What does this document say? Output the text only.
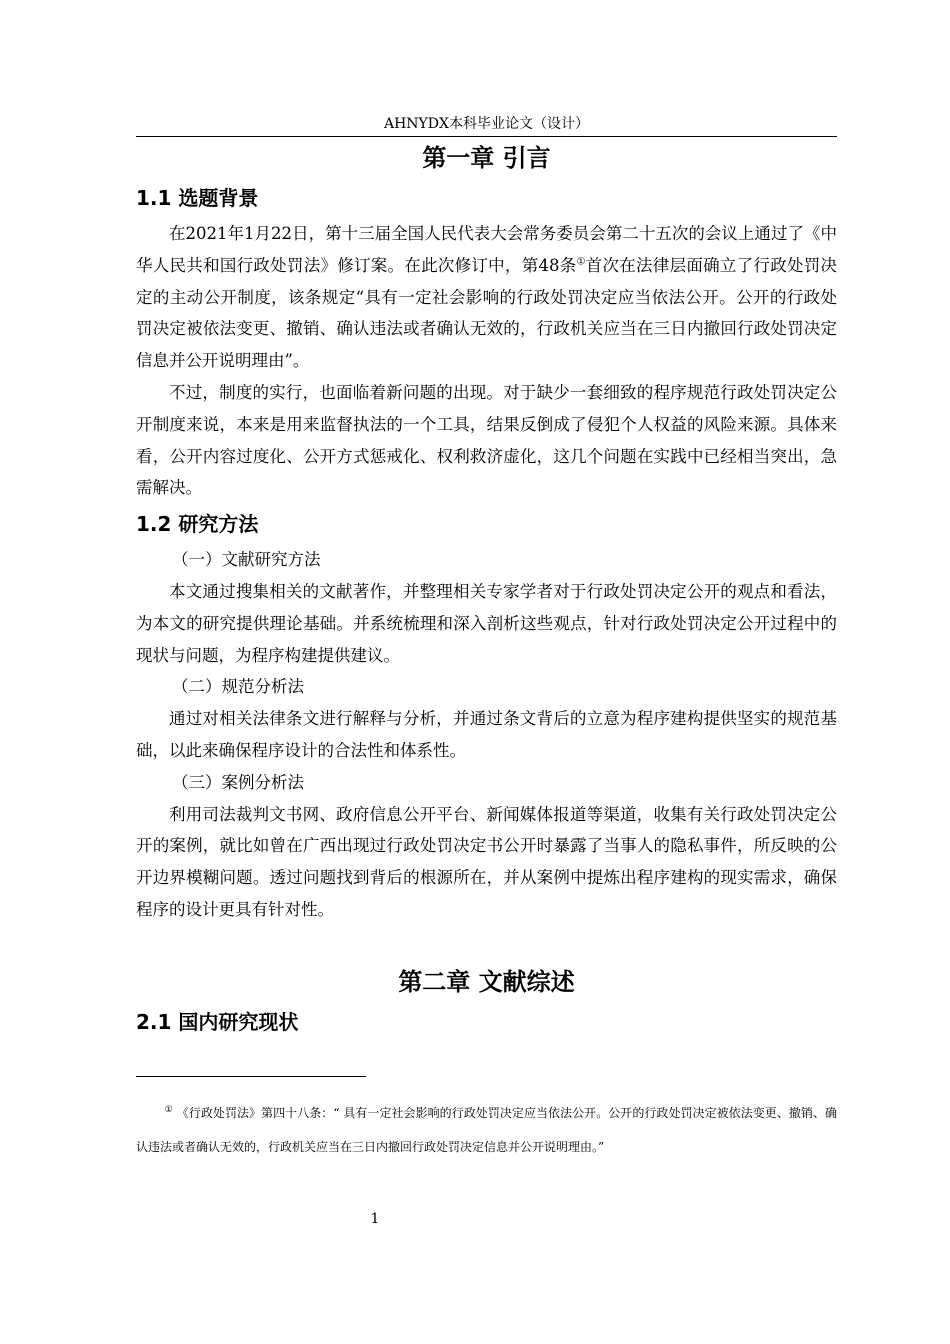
AHNYDX本科毕业论文（设计）
第一章 引言
1.1 选题背景

在2021年1月22日，第十三届全国人民代表大会常务委员会第二十五次的会议上通过了《中华人民共和国行政处罚法》修订案。在此次修订中，第48条①首次在法律层面确立了行政处罚决定的主动公开制度，该条规定“具有一定社会影响的行政处罚决定应当依法公开。公开的行政处罚决定被依法变更、撤销、确认违法或者确认无效的，行政机关应当在三日内撤回行政处罚决定信息并公开说明理由”。

不过，制度的实行，也面临着新问题的出现。对于缺少一套细致的程序规范行政处罚决定公开制度来说，本来是用来监督执法的一个工具，结果反倒成了侵犯个人权益的风险来源。具体来看，公开内容过度化、公开方式惩戒化、权利救济虚化，这几个问题在实践中已经相当突出，急需解决。

1.2 研究方法

（一）文献研究方法

本文通过搜集相关的文献著作，并整理相关专家学者对于行政处罚决定公开的观点和看法，为本文的研究提供理论基础。并系统梳理和深入剖析这些观点，针对行政处罚决定公开过程中的现状与问题，为程序构建提供建议。

（二）规范分析法

通过对相关法律条文进行解释与分析，并通过条文背后的立意为程序建构提供坚实的规范基础，以此来确保程序设计的合法性和体系性。

（三）案例分析法

利用司法裁判文书网、政府信息公开平台、新闻媒体报道等渠道，收集有关行政处罚决定公开的案例，就比如曾在广西出现过行政处罚决定书公开时暴露了当事人的隐私事件，所反映的公开边界模糊问题。透过问题找到背后的根源所在，并从案例中提炼出程序建构的现实需求，确保程序的设计更具有针对性。

第二章 文献综述
2.1 国内研究现状
① 《行政处罚法》第四十八条：“ 具有一定社会影响的行政处罚决定应当依法公开。公开的行政处罚决定被依法变更、撤销、确认违法或者确认无效的，行政机关应当在三日内撤回行政处罚决定信息并公开说明理由。”
1
